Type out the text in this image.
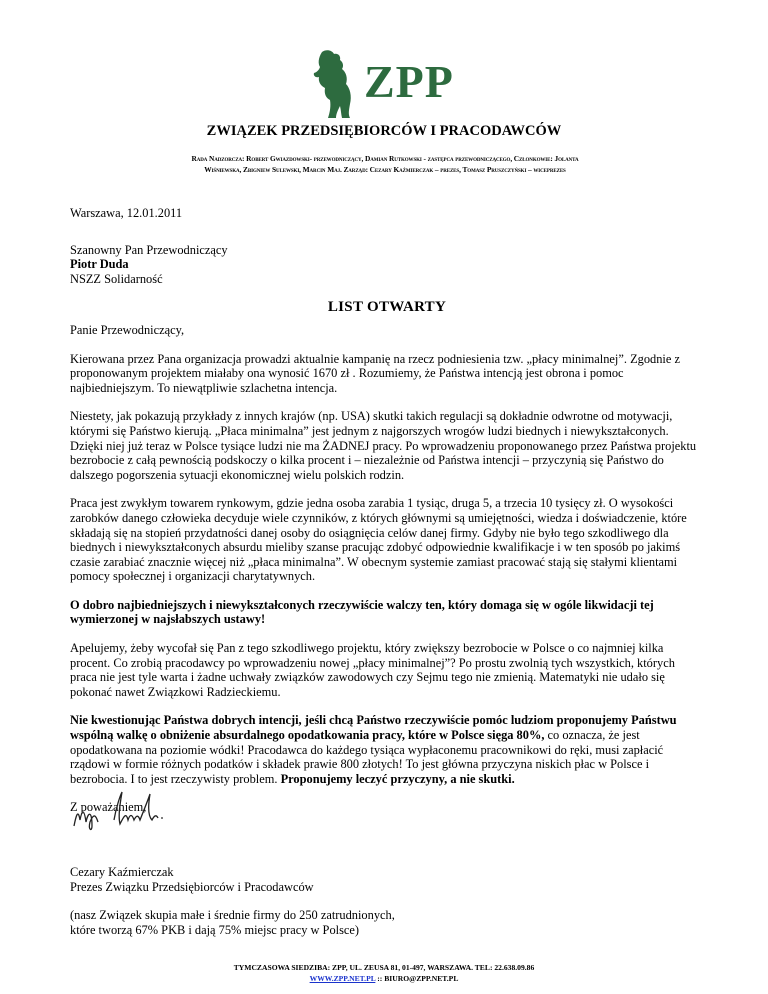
ZPP
ZWIĄZEK PRZEDSIĘBIORCÓW I PRACODAWCÓW
Rada Nadzorcza: Robert Gwiazdowski- przewodniczący, Damian Rutkowski - zastępca przewodniczącego, Członkowie: Jolanta
Wiśniewska, Zbigniew Sulewski, Marcin Maj. Zarząd: Cezary Kaźmierczak – prezes, Tomasz Pruszczyński – wiceprezes

Warszawa, 12.01.2011

Szanowny Pan Przewodniczący

Piotr Duda

NSZZ Solidarność

LIST OTWARTY

Panie Przewodniczący,

Kierowana przez Pana organizacja prowadzi aktualnie kampanię na rzecz podniesienia tzw. „płacy minimalnej”. Zgodnie z proponowanym projektem miałaby ona wynosić 1670 zł . Rozumiemy, że Państwa intencją jest obrona i pomoc najbiedniejszym. To niewątpliwie szlachetna intencja.

Niestety, jak pokazują przykłady z innych krajów (np. USA) skutki takich regulacji są dokładnie odwrotne od motywacji, którymi się Państwo kierują. „Płaca minimalna” jest jednym z najgorszych wrogów ludzi biednych i niewykształconych. Dzięki niej już teraz w Polsce tysiące ludzi nie ma ŻADNEJ pracy. Po wprowadzeniu proponowanego przez Państwa projektu bezrobocie z całą pewnością podskoczy o kilka procent i – niezależnie od Państwa intencji – przyczynią się Państwo do dalszego pogorszenia sytuacji ekonomicznej wielu polskich rodzin.

Praca jest zwykłym towarem rynkowym, gdzie jedna osoba zarabia 1 tysiąc, druga 5, a trzecia 10 tysięcy zł. O wysokości zarobków danego człowieka decyduje wiele czynników, z których głównymi są umiejętności, wiedza i doświadczenie, które składają się na stopień przydatności danej osoby do osiągnięcia celów danej firmy. Gdyby nie było tego szkodliwego dla biednych i niewykształconych absurdu mieliby szanse pracując zdobyć odpowiednie kwalifikacje i w ten sposób po jakimś czasie zarabiać znacznie więcej niż „płaca minimalna”. W obecnym systemie zamiast pracować stają się stałymi klientami pomocy społecznej i organizacji charytatywnych.

O dobro najbiedniejszych i niewykształconych rzeczywiście walczy ten, który domaga się w ogóle likwidacji tej wymierzonej w najsłabszych ustawy!

Apelujemy, żeby wycofał się Pan z tego szkodliwego projektu, który zwiększy bezrobocie w Polsce o co najmniej kilka procent. Co zrobią pracodawcy po wprowadzeniu nowej „płacy minimalnej”? Po prostu zwolnią tych wszystkich, których praca nie jest tyle warta i żadne uchwały związków zawodowych czy Sejmu tego nie zmienią. Matematyki nie udało się pokonać nawet Związkowi Radzieckiemu.

Nie kwestionując Państwa dobrych intencji, jeśli chcą Państwo rzeczywiście pomóc ludziom proponujemy Państwu wspólną walkę o obniżenie absurdalnego opodatkowania pracy, które w Polsce sięga 80%, co oznacza, że jest opodatkowana na poziomie wódki! Pracodawca do każdego tysiąca wypłaconemu pracownikowi do ręki, musi zapłacić rządowi w formie różnych podatków i składek prawie 800 złotych! To jest główna przyczyna niskich płac w Polsce i bezrobocia. I to jest rzeczywisty problem. Proponujemy leczyć przyczyny, a nie skutki.

Z poważaniem,

Cezary Kaźmierczak

Prezes Związku Przedsiębiorców i Pracodawców

(nasz Związek skupia małe i średnie firmy do 250 zatrudnionych,

które tworzą 67% PKB i dają 75% miejsc pracy w Polsce)

TYMCZASOWA SIEDZIBA: ZPP, UL. ZEUSA 81, 01-497, WARSZAWA. TEL: 22.638.09.86
WWW.ZPP.NET.PL :: BIURO@ZPP.NET.PL
